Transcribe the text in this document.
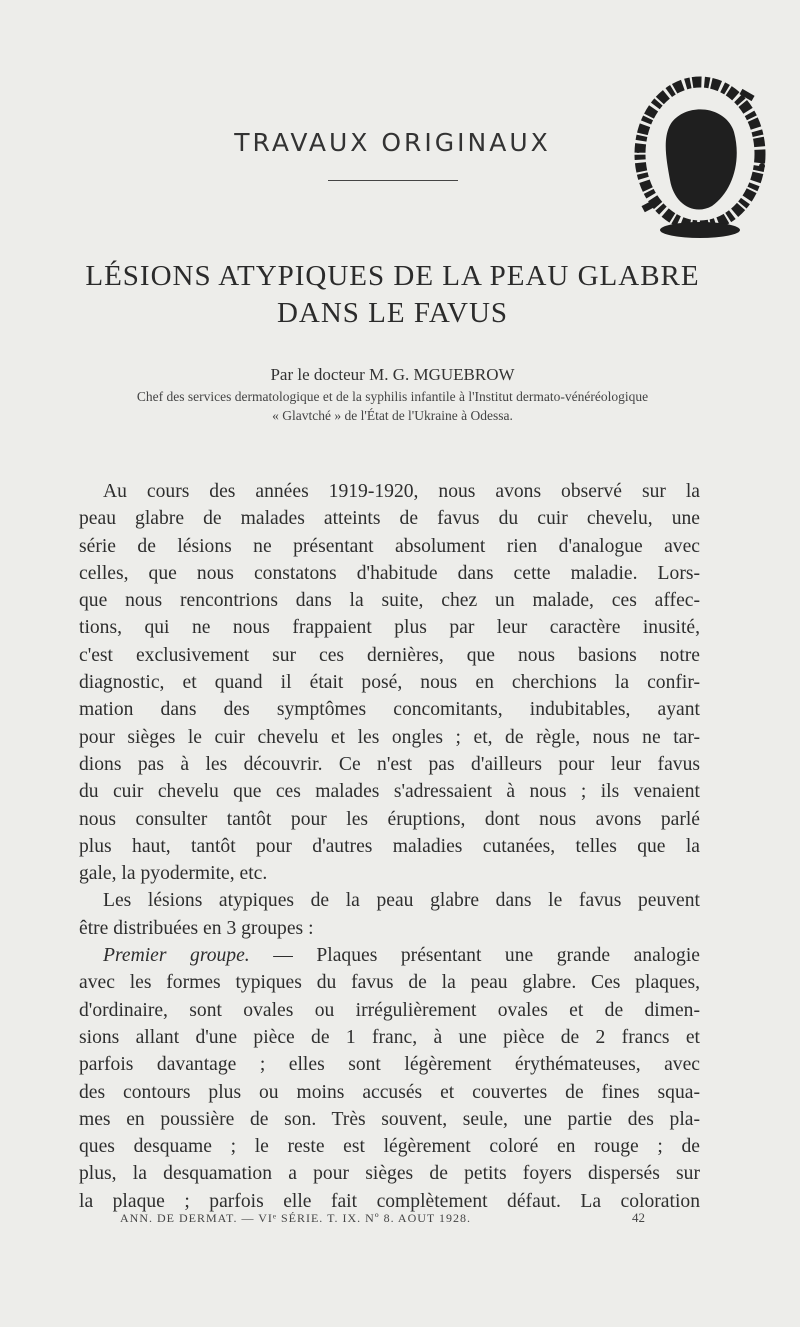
TRAVAUX ORIGINAUX
LÉSIONS ATYPIQUES DE LA PEAU GLABRE
DANS LE FAVUS
Par le docteur M. G. MGUEBROW
Chef des services dermatologique et de la syphilis infantile à l'Institut dermato-vénéréologique
« Glavtché » de l'État de l'Ukraine à Odessa.
Au cours des années 1919-1920, nous avons observé sur la
peau glabre de malades atteints de favus du cuir chevelu, une
série de lésions ne présentant absolument rien d'analogue avec
celles, que nous constatons d'habitude dans cette maladie. Lors-
que nous rencontrions dans la suite, chez un malade, ces affec-
tions, qui ne nous frappaient plus par leur caractère inusité,
c'est exclusivement sur ces dernières, que nous basions notre
diagnostic, et quand il était posé, nous en cherchions la confir-
mation dans des symptômes concomitants, indubitables, ayant
pour sièges le cuir chevelu et les ongles ; et, de règle, nous ne tar-
dions pas à les découvrir. Ce n'est pas d'ailleurs pour leur favus
du cuir chevelu que ces malades s'adressaient à nous ; ils venaient
nous consulter tantôt pour les éruptions, dont nous avons parlé
plus haut, tantôt pour d'autres maladies cutanées, telles que la
gale, la pyodermite, etc.
Les lésions atypiques de la peau glabre dans le favus peuvent
être distribuées en 3 groupes :
Premier groupe. — Plaques présentant une grande analogie
avec les formes typiques du favus de la peau glabre. Ces plaques,
d'ordinaire, sont ovales ou irrégulièrement ovales et de dimen-
sions allant d'une pièce de 1 franc, à une pièce de 2 francs et
parfois davantage ; elles sont légèrement érythémateuses, avec
des contours plus ou moins accusés et couvertes de fines squa-
mes en poussière de son. Très souvent, seule, une partie des pla-
ques desquame ; le reste est légèrement coloré en rouge ; de
plus, la desquamation a pour sièges de petits foyers dispersés sur
la plaque ; parfois elle fait complètement défaut. La coloration
ANN. DE DERMAT. — VIᵉ SÉRIE. T. IX. Nº 8. AOUT 1928.	42
